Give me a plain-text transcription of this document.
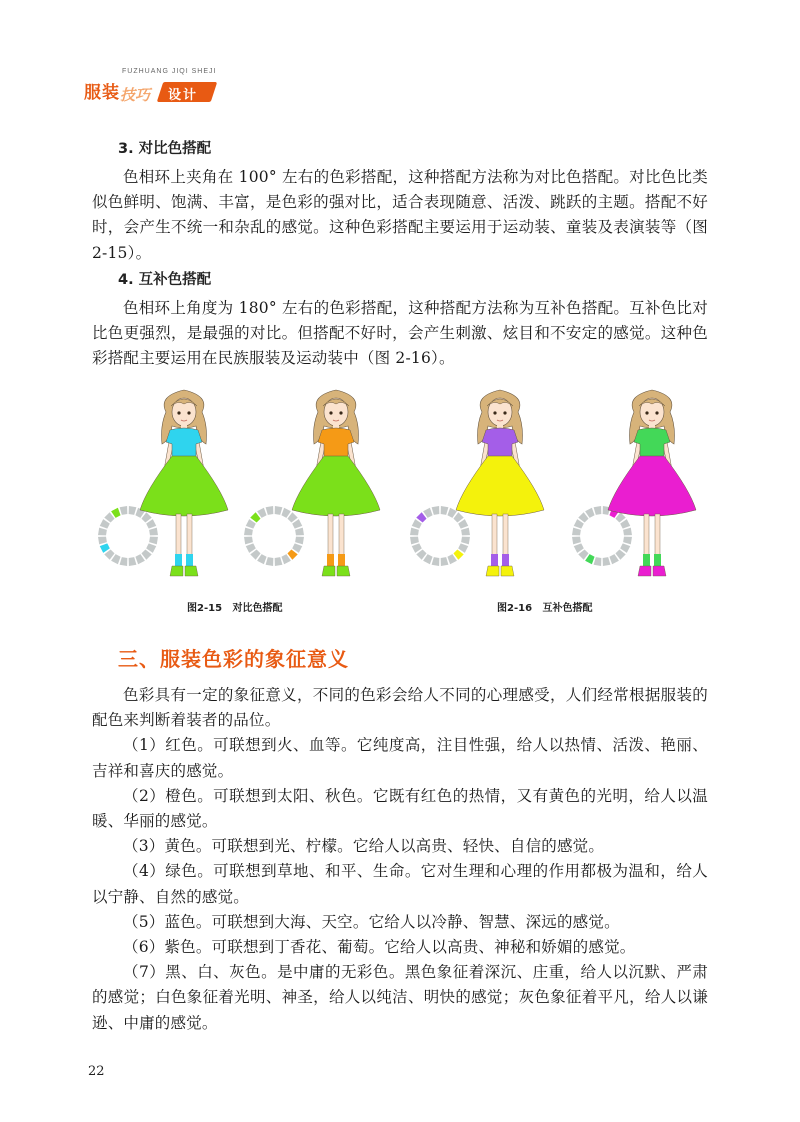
FUZHUANG JIQI SHEJI
服装 技巧 设计
3. 对比色搭配

色相环上夹角在 100° 左右的色彩搭配，这种搭配方法称为对比色搭配。对比色比类似色鲜明、饱满、丰富，是色彩的强对比，适合表现随意、活泼、跳跃的主题。搭配不好时，会产生不统一和杂乱的感觉。这种色彩搭配主要运用于运动装、童装及表演装等（图 2-15）。

4. 互补色搭配

色相环上角度为 180° 左右的色彩搭配，这种搭配方法称为互补色搭配。互补色比对比色更强烈，是最强的对比。但搭配不好时，会产生刺激、炫目和不安定的感觉。这种色彩搭配主要运用在民族服装及运动装中（图 2-16）。

图2-15   对比色搭配	图2-16   互补色搭配
三、服装色彩的象征意义

色彩具有一定的象征意义，不同的色彩会给人不同的心理感受，人们经常根据服装的配色来判断着装者的品位。

（1）红色。可联想到火、血等。它纯度高，注目性强，给人以热情、活泼、艳丽、吉祥和喜庆的感觉。

（2）橙色。可联想到太阳、秋色。它既有红色的热情，又有黄色的光明，给人以温暖、华丽的感觉。

（3）黄色。可联想到光、柠檬。它给人以高贵、轻快、自信的感觉。

（4）绿色。可联想到草地、和平、生命。它对生理和心理的作用都极为温和，给人以宁静、自然的感觉。

（5）蓝色。可联想到大海、天空。它给人以冷静、智慧、深远的感觉。

（6）紫色。可联想到丁香花、葡萄。它给人以高贵、神秘和娇媚的感觉。

（7）黑、白、灰色。是中庸的无彩色。黑色象征着深沉、庄重，给人以沉默、严肃的感觉；白色象征着光明、神圣，给人以纯洁、明快的感觉；灰色象征着平凡，给人以谦逊、中庸的感觉。

22
